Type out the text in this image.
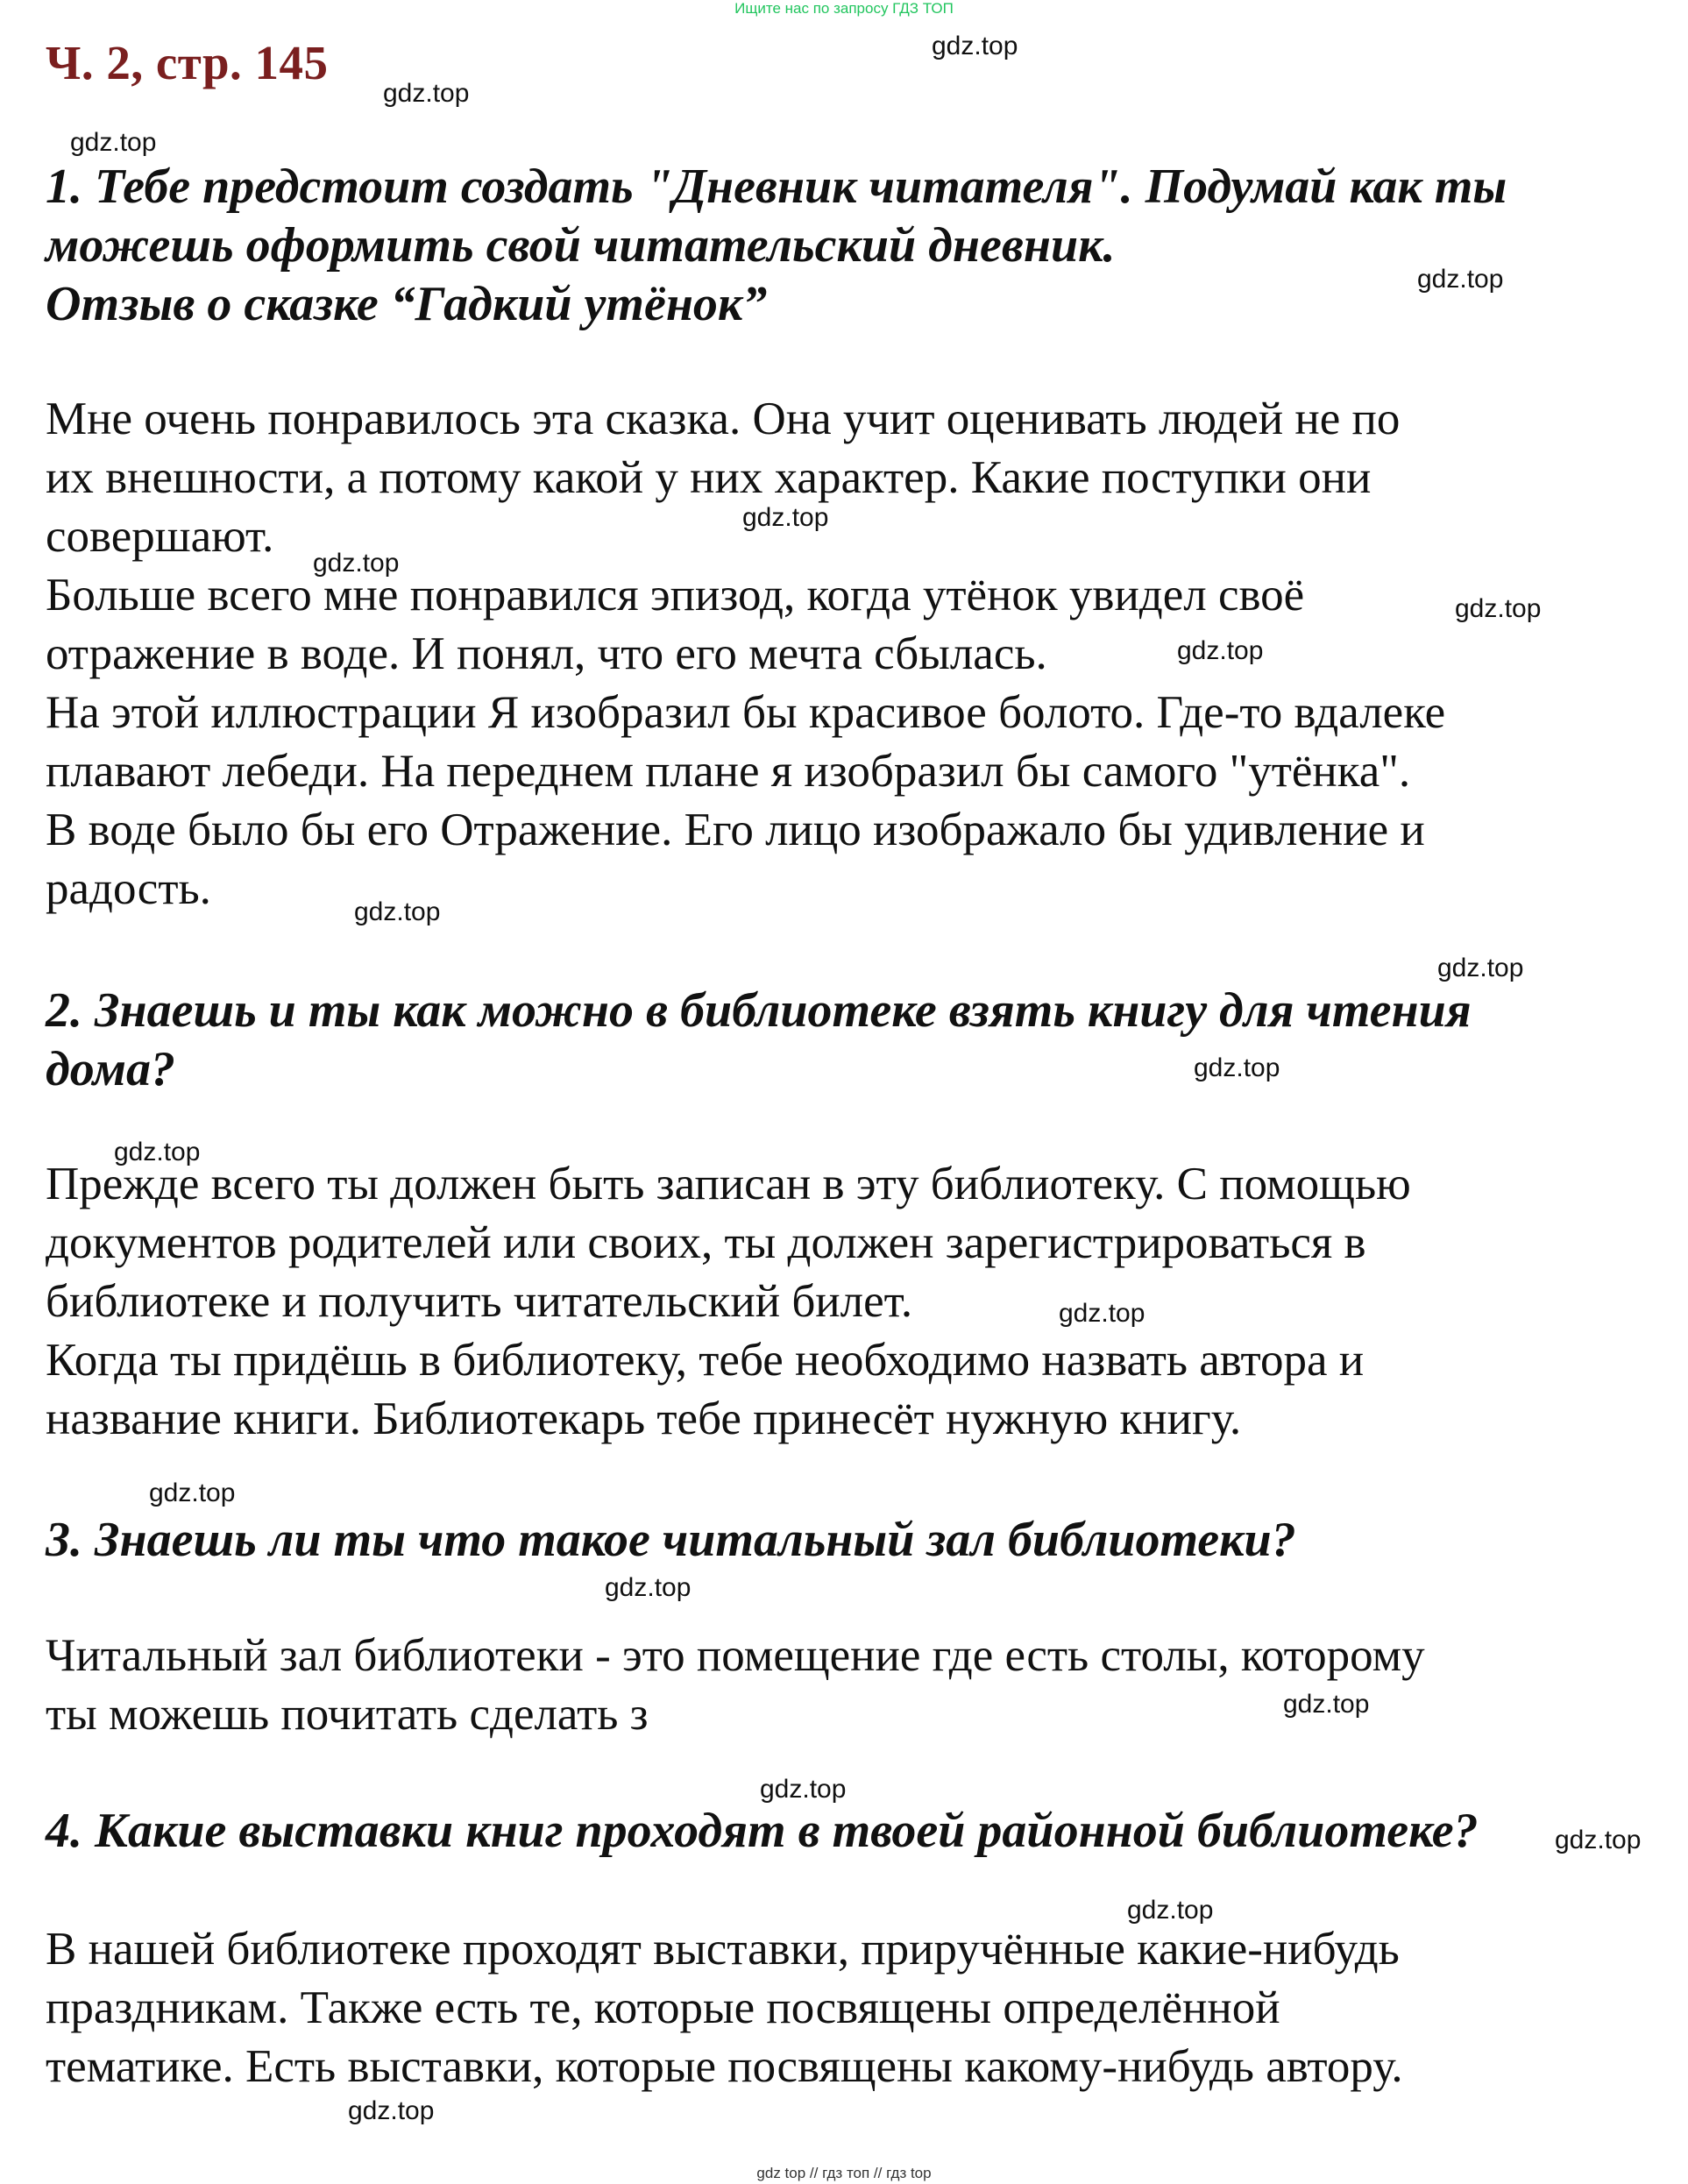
Ищите нас по запросу ГДЗ ТОП
Ч. 2, стр. 145	gdz.top
gdz.top
gdz.top
gdz.top
gdz.top
gdz.top
gdz.top
gdz.top
gdz.top
gdz.top
gdz.top
gdz.top
gdz.top
gdz.top
gdz.top
gdz.top
gdz.top
gdz.top
gdz.top
gdz.top
1. Тебе предстоит создать "Дневник читателя". Подумай как ты
можешь оформить свой читательский дневник.
Отзыв о сказке “Гадкий утёнок”
Мне очень понравилось эта сказка. Она учит оценивать людей не по
их внешности, а потому какой у них характер. Какие поступки они
совершают.
Больше всего мне понравился эпизод, когда утёнок увидел своё
отражение в воде. И понял, что его мечта сбылась.
На этой иллюстрации Я изобразил бы красивое болото. Где-то вдалеке
плавают лебеди. На переднем плане я изобразил бы самого "утёнка".
В воде было бы его Отражение. Его лицо изображало бы удивление и
радость.
2. Знаешь и ты как можно в библиотеке взять книгу для чтения дома?
Прежде всего ты должен быть записан в эту библиотеку. С помощью
документов родителей или своих, ты должен зарегистрироваться в
библиотеке и получить читательский билет.
Когда ты придёшь в библиотеку, тебе необходимо назвать автора и
название книги. Библиотекарь тебе принесёт нужную книгу.
3. Знаешь ли ты что такое читальный зал библиотеки?
Читальный зал библиотеки - это помещение где есть столы, которому
ты можешь почитать сделать з
4. Какие выставки книг проходят в твоей районной библиотеке?
В нашей библиотеке проходят выставки, приручённые какие-нибудь
праздникам. Также есть те, которые посвящены определённой
тематике. Есть выставки, которые посвящены какому-нибудь автору.
gdz top // гдз топ // гдз top
